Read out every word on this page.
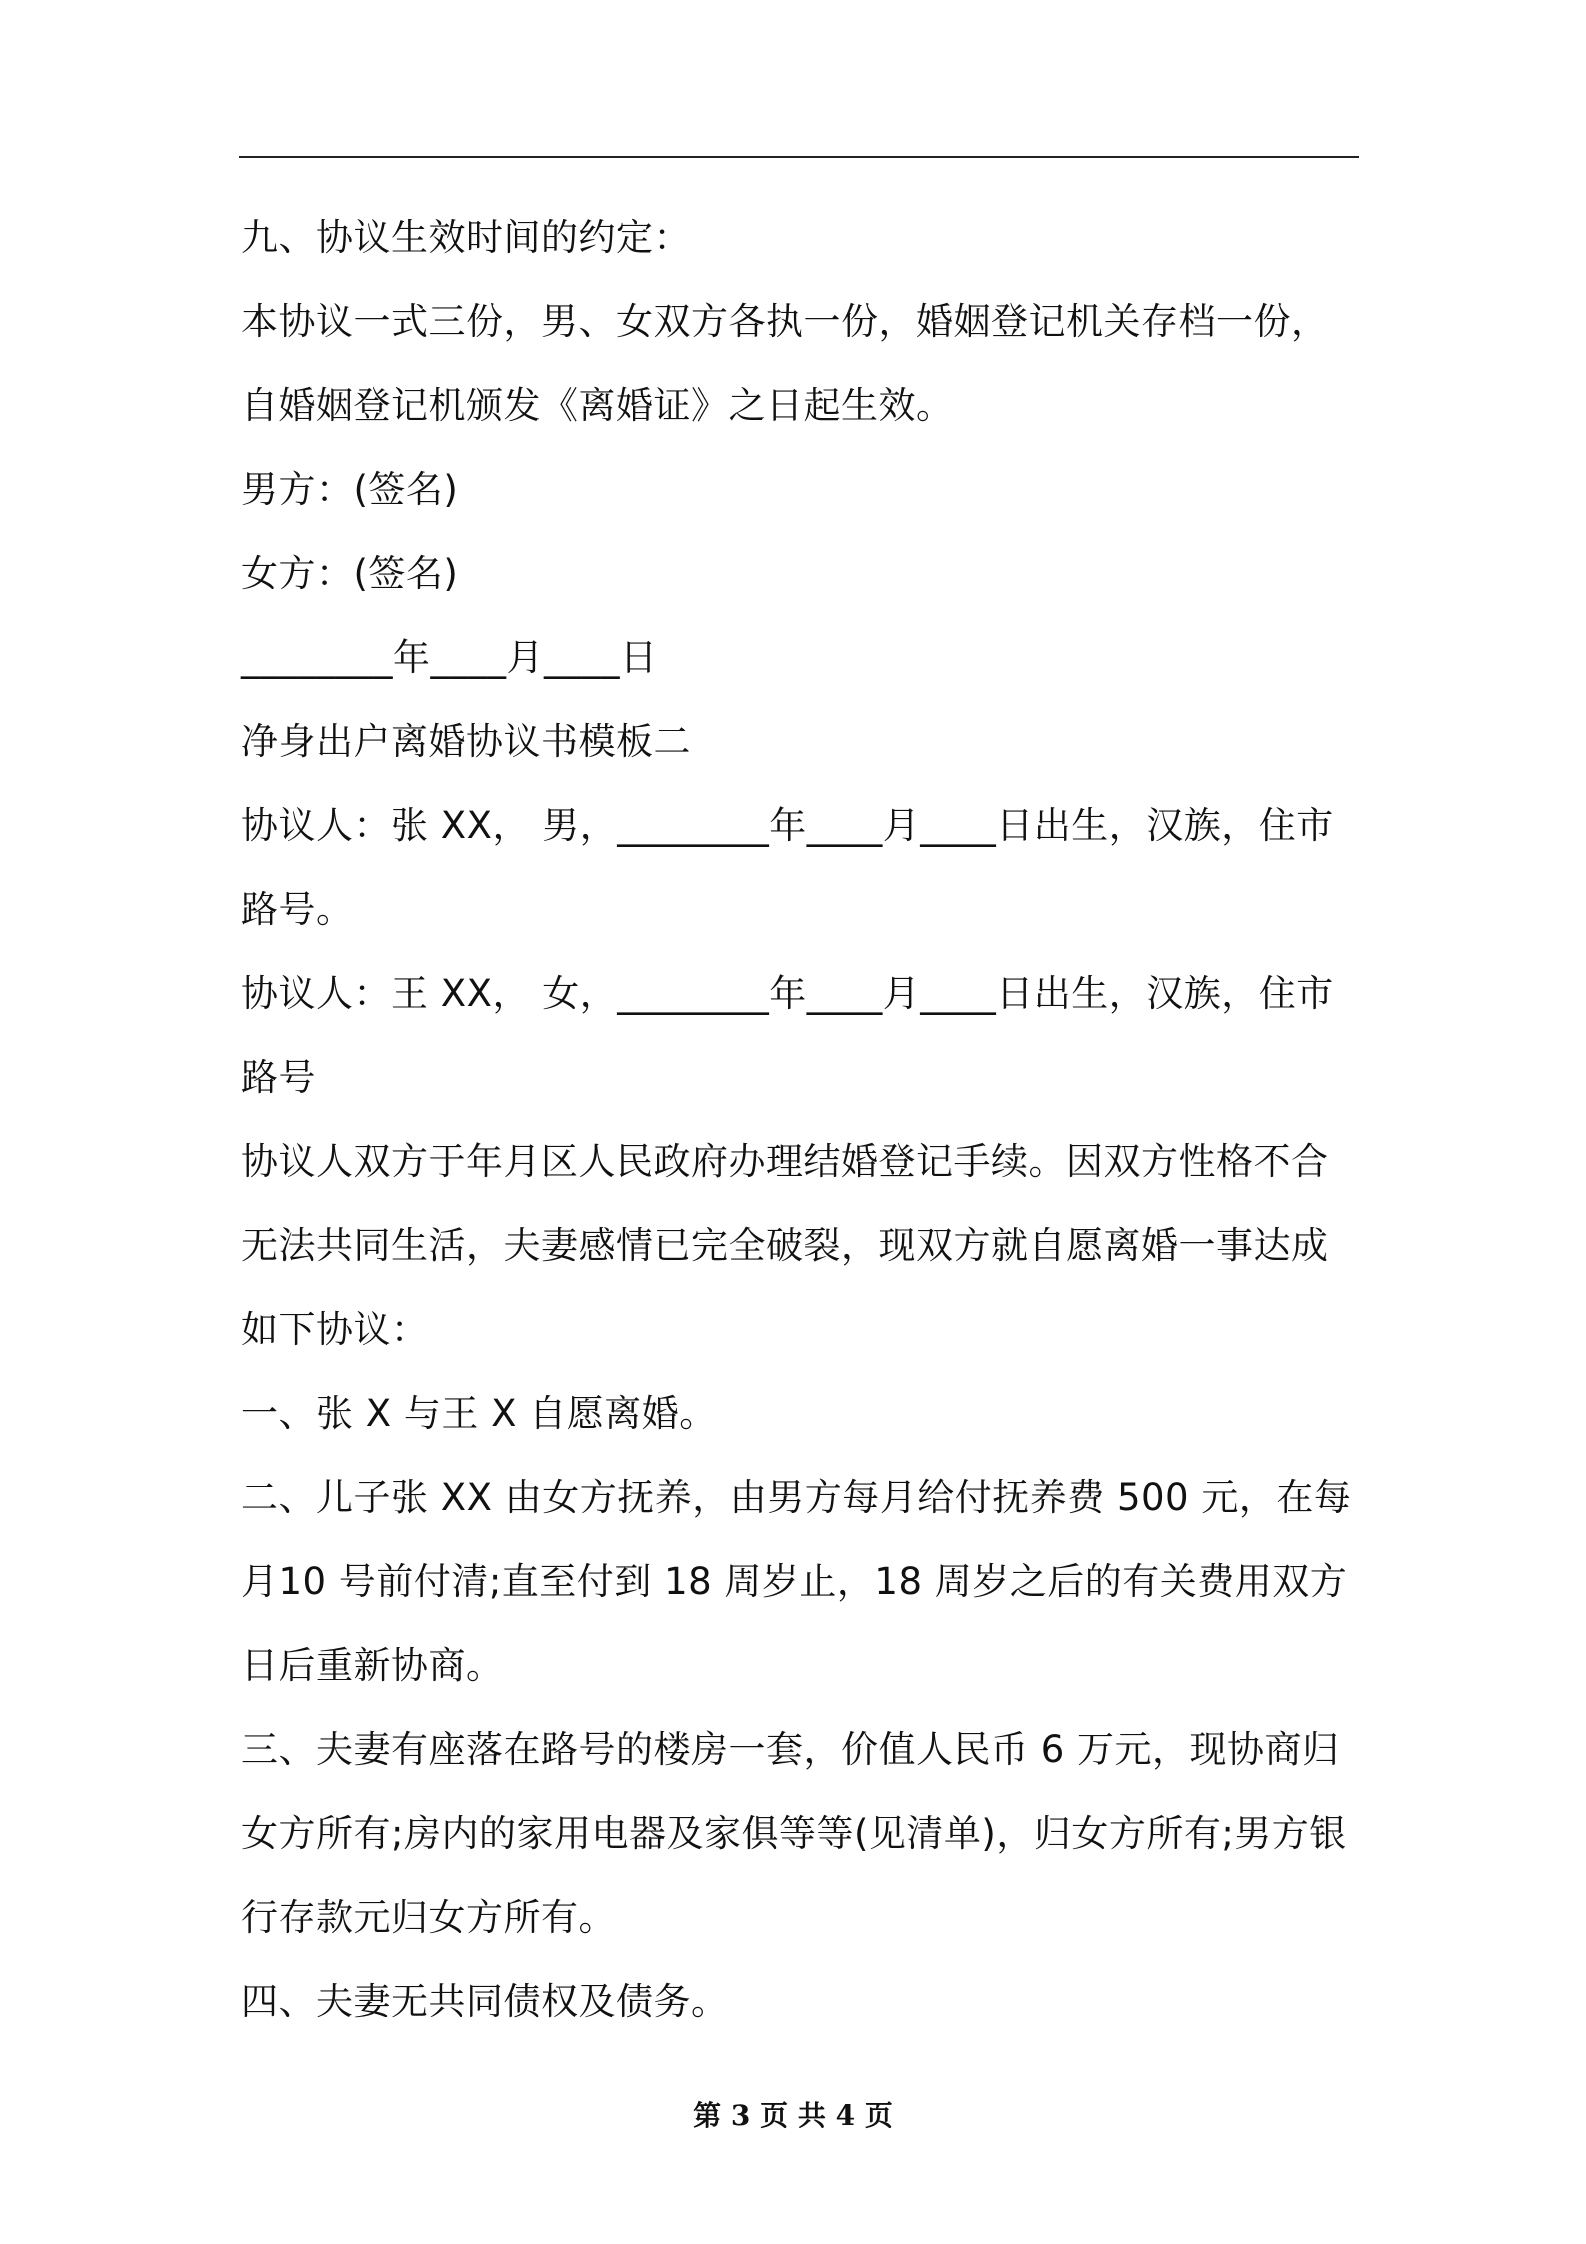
九、协议生效时间的约定：

本协议一式三份，男、女双方各执一份，婚姻登记机关存档一份，自婚姻登记机颁发《离婚证》之日起生效。

男方：(签名)

女方：(签名)

________年____月____日

净身出户离婚协议书模板二

协议人：张 XX， 男，________年____月____日出生，汉族，住市路号。

协议人：王 XX， 女，________年____月____日出生，汉族，住市路号

协议人双方于年月区人民政府办理结婚登记手续。因双方性格不合无法共同生活，夫妻感情已完全破裂，现双方就自愿离婚一事达成如下协议：

一、张 X 与王 X 自愿离婚。

二、儿子张 XX 由女方抚养，由男方每月给付抚养费 500 元，在每月10 号前付清;直至付到 18 周岁止，18 周岁之后的有关费用双方日后重新协商。

三、夫妻有座落在路号的楼房一套，价值人民币 6 万元，现协商归女方所有;房内的家用电器及家俱等等(见清单)，归女方所有;男方银行存款元归女方所有。

四、夫妻无共同债权及债务。

第 3 页 共 4 页
